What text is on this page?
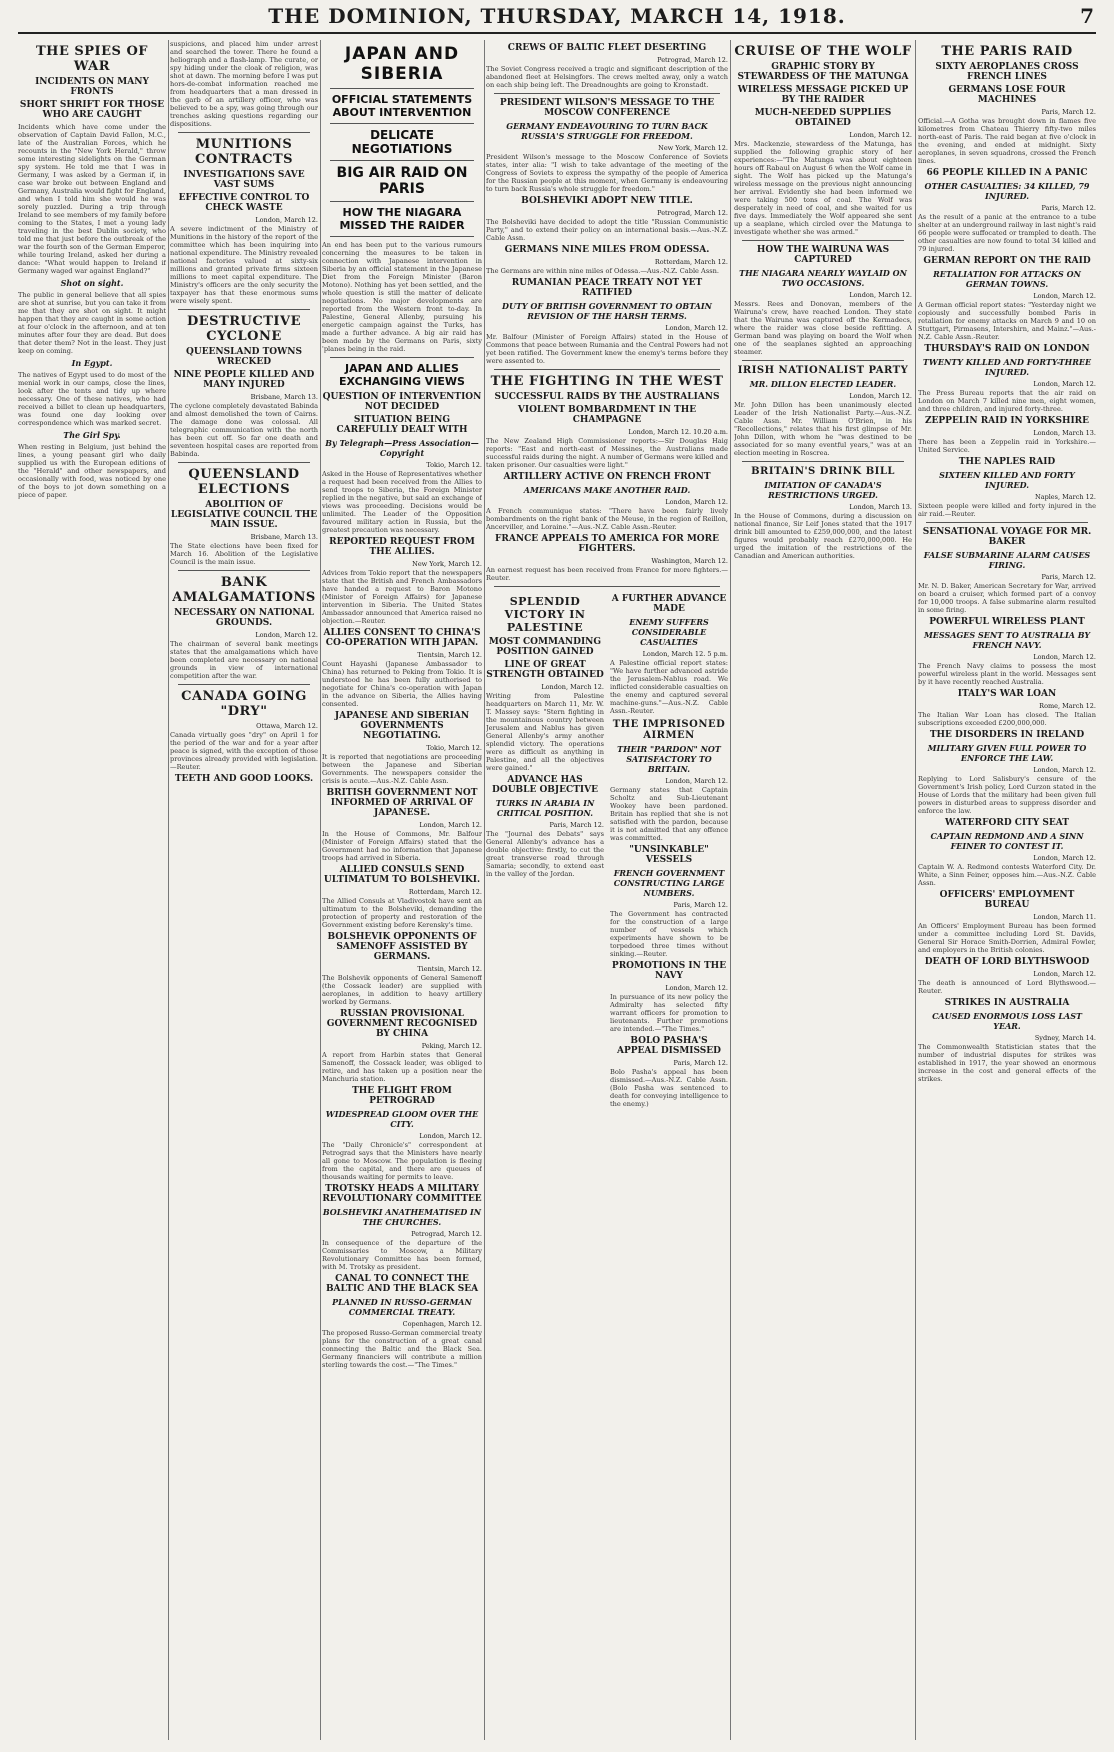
THE DOMINION, THURSDAY, MARCH 14, 1918.	7
THE SPIES OF WAR
INCIDENTS ON MANY FRONTS
SHORT SHRIFT FOR THOSE WHO ARE CAUGHT
Incidents which have come under the observation of Captain David Fallon, M.C., late of the Australian Forces, which he recounts in the "New York Herald," throw some interesting sidelights on the German spy system. He told me that I was in Germany, I was asked by a German if, in case war broke out between England and Germany, Australia would fight for England, and when I told him she would he was sorely puzzled. During a trip through Ireland to see members of my family before coming to the States, I met a young lady traveling in the best Dublin society, who told me that just before the outbreak of the war the fourth son of the German Emperor, while touring Ireland, asked her during a dance: "What would happen to Ireland if Germany waged war against England?"
Shot on sight.
The public in general believe that all spies are shot at sunrise, but you can take it from me that they are shot on sight. It might happen that they are caught in some action at four o'clock in the afternoon, and at ten minutes after four they are dead. But does that deter them? Not in the least. They just keep on coming.
In Egypt.
The natives of Egypt used to do most of the menial work in our camps, close the lines, look after the tents and tidy up where necessary. One of these natives, who had received a billet to clean up headquarters, was found one day looking over correspondence which was marked secret.
The Girl Spy.
When resting in Belgium, just behind the lines, a young peasant girl who daily supplied us with the European editions of the "Herald" and other newspapers, and occasionally with food, was noticed by one of the boys to jot down something on a piece of paper.
suspicions, and placed him under arrest and searched the tower. There he found a heliograph and a flash-lamp. The curate, or spy hiding under the cloak of religion, was shot at dawn. The morning before I was put hors-de-combat information reached me from headquarters that a man dressed in the garb of an artillery officer, who was believed to be a spy, was going through our trenches asking questions regarding our dispositions.
MUNITIONS CONTRACTS
INVESTIGATIONS SAVE VAST SUMS
EFFECTIVE CONTROL TO CHECK WASTE
London, March 12.
A severe indictment of the Ministry of Munitions in the history of the report of the committee which has been inquiring into national expenditure. The Ministry revealed national factories valued at sixty-six millions and granted private firms sixteen millions to meet capital expenditure. The Ministry's officers are the only security the taxpayer has that these enormous sums were wisely spent.
DESTRUCTIVE CYCLONE
QUEENSLAND TOWNS WRECKED
NINE PEOPLE KILLED AND MANY INJURED
Brisbane, March 13.
The cyclone completely devastated Babinda and almost demolished the town of Cairns. The damage done was colossal. All telegraphic communication with the north has been cut off. So far one death and seventeen hospital cases are reported from Babinda.
QUEENSLAND ELECTIONS
ABOLITION OF LEGISLATIVE COUNCIL THE MAIN ISSUE.
Brisbane, March 13.
The State elections have been fixed for March 16. Abolition of the Legislative Council is the main issue.
BANK AMALGAMATIONS
NECESSARY ON NATIONAL GROUNDS.
London, March 12.
The chairman of several bank meetings states that the amalgamations which have been completed are necessary on national grounds in view of international competition after the war.
CANADA GOING "DRY"
Ottawa, March 12.
Canada virtually goes "dry" on April 1 for the period of the war and for a year after peace is signed, with the exception of those provinces already provided with legislation.—Reuter.
TEETH AND GOOD LOOKS.
JAPAN AND SIBERIA
OFFICIAL STATEMENTS ABOUT INTERVENTION
DELICATE NEGOTIATIONS
BIG AIR RAID ON PARIS
HOW THE NIAGARA MISSED THE RAIDER
An end has been put to the various rumours concerning the measures to be taken in connection with Japanese intervention in Siberia by an official statement in the Japanese Diet from the Foreign Minister (Baron Motono). Nothing has yet been settled, and the whole question is still the matter of delicate negotiations. No major developments are reported from the Western front to-day. In Palestine, General Allenby, pursuing his energetic campaign against the Turks, has made a further advance. A big air raid has been made by the Germans on Paris, sixty 'planes being in the raid.
JAPAN AND ALLIES EXCHANGING VIEWS
QUESTION OF INTERVENTION NOT DECIDED
SITUATION BEING CAREFULLY DEALT WITH
By Telegraph—Press Association—Copyright
Tokio, March 12.
Asked in the House of Representatives whether a request had been received from the Allies to send troops to Siberia, the Foreign Minister replied in the negative, but said an exchange of views was proceeding. Decisions would be unlimited. The Leader of the Opposition favoured military action in Russia, but the greatest precaution was necessary.
REPORTED REQUEST FROM THE ALLIES.
New York, March 12.
Advices from Tokio report that the newspapers state that the British and French Ambassadors have handed a request to Baron Motono (Minister of Foreign Affairs) for Japanese intervention in Siberia. The United States Ambassador announced that America raised no objection.—Reuter.
ALLIES CONSENT TO CHINA'S CO-OPERATION WITH JAPAN.
Tientsin, March 12.
Count Hayashi (Japanese Ambassador to China) has returned to Peking from Tokio. It is understood he has been fully authorised to negotiate for China's co-operation with Japan in the advance on Siberia, the Allies having consented.
JAPANESE AND SIBERIAN GOVERNMENTS NEGOTIATING.
Tokio, March 12.
It is reported that negotiations are proceeding between the Japanese and Siberian Governments. The newspapers consider the crisis is acute.—Aus.-N.Z. Cable Assn.
BRITISH GOVERNMENT NOT INFORMED OF ARRIVAL OF JAPANESE.
London, March 12.
In the House of Commons, Mr. Balfour (Minister of Foreign Affairs) stated that the Government had no information that Japanese troops had arrived in Siberia.
ALLIED CONSULS SEND ULTIMATUM TO BOLSHEVIKI.
Rotterdam, March 12.
The Allied Consuls at Vladivostok have sent an ultimatum to the Bolsheviki, demanding the protection of property and restoration of the Government existing before Kerensky's time.
BOLSHEVIK OPPONENTS OF SAMENOFF ASSISTED BY GERMANS.
Tientsin, March 12.
The Bolshevik opponents of General Samenoff (the Cossack leader) are supplied with aeroplanes, in addition to heavy artillery worked by Germans.
RUSSIAN PROVISIONAL GOVERNMENT RECOGNISED BY CHINA
Peking, March 12.
A report from Harbin states that General Samenoff, the Cossack leader, was obliged to retire, and has taken up a position near the Manchuria station.
THE FLIGHT FROM PETROGRAD
WIDESPREAD GLOOM OVER THE CITY.
London, March 12.
The "Daily Chronicle's" correspondent at Petrograd says that the Ministers have nearly all gone to Moscow. The population is fleeing from the capital, and there are queues of thousands waiting for permits to leave.
TROTSKY HEADS A MILITARY REVOLUTIONARY COMMITTEE
BOLSHEVIKI ANATHEMATISED IN THE CHURCHES.
Petrograd, March 12.
In consequence of the departure of the Commissaries to Moscow, a Military Revolutionary Committee has been formed, with M. Trotsky as president.
CANAL TO CONNECT THE BALTIC AND THE BLACK SEA
PLANNED IN RUSSO-GERMAN COMMERCIAL TREATY.
Copenhagen, March 12.
The proposed Russo-German commercial treaty plans for the construction of a great canal connecting the Baltic and the Black Sea. Germany financiers will contribute a million sterling towards the cost.—"The Times."
CREWS OF BALTIC FLEET DESERTING
Petrograd, March 12.
The Soviet Congress received a tragic and significant description of the abandoned fleet at Helsingfors. The crews melted away, only a watch on each ship being left. The Dreadnoughts are going to Kronstadt.
PRESIDENT WILSON'S MESSAGE TO THE MOSCOW CONFERENCE
GERMANY ENDEAVOURING TO TURN BACK RUSSIA'S STRUGGLE FOR FREEDOM.
New York, March 12.
President Wilson's message to the Moscow Conference of Soviets states, inter alia: "I wish to take advantage of the meeting of the Congress of Soviets to express the sympathy of the people of America for the Russian people at this moment, when Germany is endeavouring to turn back Russia's whole struggle for freedom."
BOLSHEVIKI ADOPT NEW TITLE.
Petrograd, March 12.
The Bolsheviki have decided to adopt the title "Russian Communistic Party," and to extend their policy on an international basis.—Aus.-N.Z. Cable Assn.
GERMANS NINE MILES FROM ODESSA.
Rotterdam, March 12.
The Germans are within nine miles of Odessa.—Aus.-N.Z. Cable Assn.
RUMANIAN PEACE TREATY NOT YET RATIFIED
DUTY OF BRITISH GOVERNMENT TO OBTAIN REVISION OF THE HARSH TERMS.
London, March 12.
Mr. Balfour (Minister of Foreign Affairs) stated in the House of Commons that peace between Rumania and the Central Powers had not yet been ratified. The Government knew the enemy's terms before they were assented to.
THE FIGHTING IN THE WEST
SUCCESSFUL RAIDS BY THE AUSTRALIANS
VIOLENT BOMBARDMENT IN THE CHAMPAGNE
London, March 12. 10.20 a.m.
The New Zealand High Commissioner reports:—Sir Douglas Haig reports: "East and north-east of Messines, the Australians made successful raids during the night. A number of Germans were killed and taken prisoner. Our casualties were light."
ARTILLERY ACTIVE ON FRENCH FRONT
AMERICANS MAKE ANOTHER RAID.
London, March 12.
A French communique states: "There have been fairly lively bombardments on the right bank of the Meuse, in the region of Reillon, Ancerviller, and Loraine."—Aus.-N.Z. Cable Assn.-Reuter.
FRANCE APPEALS TO AMERICA FOR MORE FIGHTERS.
Washington, March 12.
An earnest request has been received from France for more fighters.—Reuter.
SPLENDID VICTORY IN PALESTINE
MOST COMMANDING POSITION GAINED
LINE OF GREAT STRENGTH OBTAINED
London, March 12.
Writing from Palestine headquarters on March 11, Mr. W. T. Massey says: "Stern fighting in the mountainous country between Jerusalem and Nablus has given General Allenby's army another splendid victory. The operations were as difficult as anything in Palestine, and all the objectives were gained."
ADVANCE HAS DOUBLE OBJECTIVE
TURKS IN ARABIA IN CRITICAL POSITION.
Paris, March 12.
The "Journal des Debats" says General Allenby's advance has a double objective: firstly, to cut the great transverse road through Samaria; secondly, to extend east in the valley of the Jordan.
A FURTHER ADVANCE MADE
ENEMY SUFFERS CONSIDERABLE CASUALTIES
London, March 12. 5 p.m.
A Palestine official report states: "We have further advanced astride the Jerusalem-Nablus road. We inflicted considerable casualties on the enemy and captured several machine-guns."—Aus.-N.Z. Cable Assn.-Reuter.
THE IMPRISONED AIRMEN
THEIR "PARDON" NOT SATISFACTORY TO BRITAIN.
London, March 12.
Germany states that Captain Scholtz and Sub-Lieutenant Wookey have been pardoned. Britain has replied that she is not satisfied with the pardon, because it is not admitted that any offence was committed.
"UNSINKABLE" VESSELS
FRENCH GOVERNMENT CONSTRUCTING LARGE NUMBERS.
Paris, March 12.
The Government has contracted for the construction of a large number of vessels which experiments have shown to be torpedoed three times without sinking.—Reuter.
PROMOTIONS IN THE NAVY
London, March 12.
In pursuance of its new policy the Admiralty has selected fifty warrant officers for promotion to lieutenants. Further promotions are intended.—"The Times."
BOLO PASHA'S APPEAL DISMISSED
Paris, March 12.
Bolo Pasha's appeal has been dismissed.—Aus.-N.Z. Cable Assn. (Bolo Pasha was sentenced to death for conveying intelligence to the enemy.)
CRUISE OF THE WOLF
GRAPHIC STORY BY STEWARDESS OF THE MATUNGA
WIRELESS MESSAGE PICKED UP BY THE RAIDER
MUCH-NEEDED SUPPLIES OBTAINED
London, March 12.
Mrs. Mackenzie, stewardess of the Matunga, has supplied the following graphic story of her experiences:—"The Matunga was about eighteen hours off Rabaul on August 6 when the Wolf came in sight. The Wolf has picked up the Matunga's wireless message on the previous night announcing her arrival. Evidently she had been informed we were taking 500 tons of coal. The Wolf was desperately in need of coal, and she waited for us five days. Immediately the Wolf appeared she sent up a seaplane, which circled over the Matunga to investigate whether she was armed."
HOW THE WAIRUNA WAS CAPTURED
THE NIAGARA NEARLY WAYLAID ON TWO OCCASIONS.
London, March 12.
Messrs. Rees and Donovan, members of the Wairuna's crew, have reached London. They state that the Wairuna was captured off the Kermadecs, where the raider was close beside refitting. A German band was playing on board the Wolf when one of the seaplanes sighted an approaching steamer.
IRISH NATIONALIST PARTY
MR. DILLON ELECTED LEADER.
London, March 12.
Mr. John Dillon has been unanimously elected Leader of the Irish Nationalist Party.—Aus.-N.Z. Cable Assn. Mr. William O'Brien, in his "Recollections," relates that his first glimpse of Mr. John Dillon, with whom he "was destined to be associated for so many eventful years," was at an election meeting in Roscrea.
BRITAIN'S DRINK BILL
IMITATION OF CANADA'S RESTRICTIONS URGED.
London, March 13.
In the House of Commons, during a discussion on national finance, Sir Leif Jones stated that the 1917 drink bill amounted to £259,000,000, and the latest figures would probably reach £270,000,000. He urged the imitation of the restrictions of the Canadian and American authorities.
THE PARIS RAID
SIXTY AEROPLANES CROSS FRENCH LINES
GERMANS LOSE FOUR MACHINES
Paris, March 12.
Official.—A Gotha was brought down in flames five kilometres from Chateau Thierry fifty-two miles north-east of Paris. The raid began at five o'clock in the evening, and ended at midnight. Sixty aeroplanes, in seven squadrons, crossed the French lines.
66 PEOPLE KILLED IN A PANIC
OTHER CASUALTIES: 34 KILLED, 79 INJURED.
Paris, March 12.
As the result of a panic at the entrance to a tube shelter at an underground railway in last night's raid 66 people were suffocated or trampled to death. The other casualties are now found to total 34 killed and 79 injured.
GERMAN REPORT ON THE RAID
RETALIATION FOR ATTACKS ON GERMAN TOWNS.
London, March 12.
A German official report states: "Yesterday night we copiously and successfully bombed Paris in retaliation for enemy attacks on March 9 and 10 on Stuttgart, Pirmasens, Intershirn, and Mainz."—Aus.-N.Z. Cable Assn.-Reuter.
THURSDAY'S RAID ON LONDON
TWENTY KILLED AND FORTY-THREE INJURED.
London, March 12.
The Press Bureau reports that the air raid on London on March 7 killed nine men, eight women, and three children, and injured forty-three.
ZEPPELIN RAID IN YORKSHIRE
London, March 13.
There has been a Zeppelin raid in Yorkshire.—United Service.
THE NAPLES RAID
SIXTEEN KILLED AND FORTY INJURED.
Naples, March 12.
Sixteen people were killed and forty injured in the air raid.—Reuter.
SENSATIONAL VOYAGE FOR MR. BAKER
FALSE SUBMARINE ALARM CAUSES FIRING.
Paris, March 12.
Mr. N. D. Baker, American Secretary for War, arrived on board a cruiser, which formed part of a convoy for 10,000 troops. A false submarine alarm resulted in some firing.
POWERFUL WIRELESS PLANT
MESSAGES SENT TO AUSTRALIA BY FRENCH NAVY.
London, March 12.
The French Navy claims to possess the most powerful wireless plant in the world. Messages sent by it have recently reached Australia.
ITALY'S WAR LOAN
Rome, March 12.
The Italian War Loan has closed. The Italian subscriptions exceeded £200,000,000.
THE DISORDERS IN IRELAND
MILITARY GIVEN FULL POWER TO ENFORCE THE LAW.
London, March 12.
Replying to Lord Salisbury's censure of the Government's Irish policy, Lord Curzon stated in the House of Lords that the military had been given full powers in disturbed areas to suppress disorder and enforce the law.
WATERFORD CITY SEAT
CAPTAIN REDMOND AND A SINN FEINER TO CONTEST IT.
London, March 12.
Captain W. A. Redmond contests Waterford City. Dr. White, a Sinn Feiner, opposes him.—Aus.-N.Z. Cable Assn.
OFFICERS' EMPLOYMENT BUREAU
London, March 11.
An Officers' Employment Bureau has been formed under a committee including Lord St. Davids, General Sir Horace Smith-Dorrien, Admiral Fowler, and employers in the British colonies.
DEATH OF LORD BLYTHSWOOD
London, March 12.
The death is announced of Lord Blythswood.—Reuter.
STRIKES IN AUSTRALIA
CAUSED ENORMOUS LOSS LAST YEAR.
Sydney, March 14.
The Commonwealth Statistician states that the number of industrial disputes for strikes was established in 1917, the year showed an enormous increase in the cost and general effects of the strikes.
